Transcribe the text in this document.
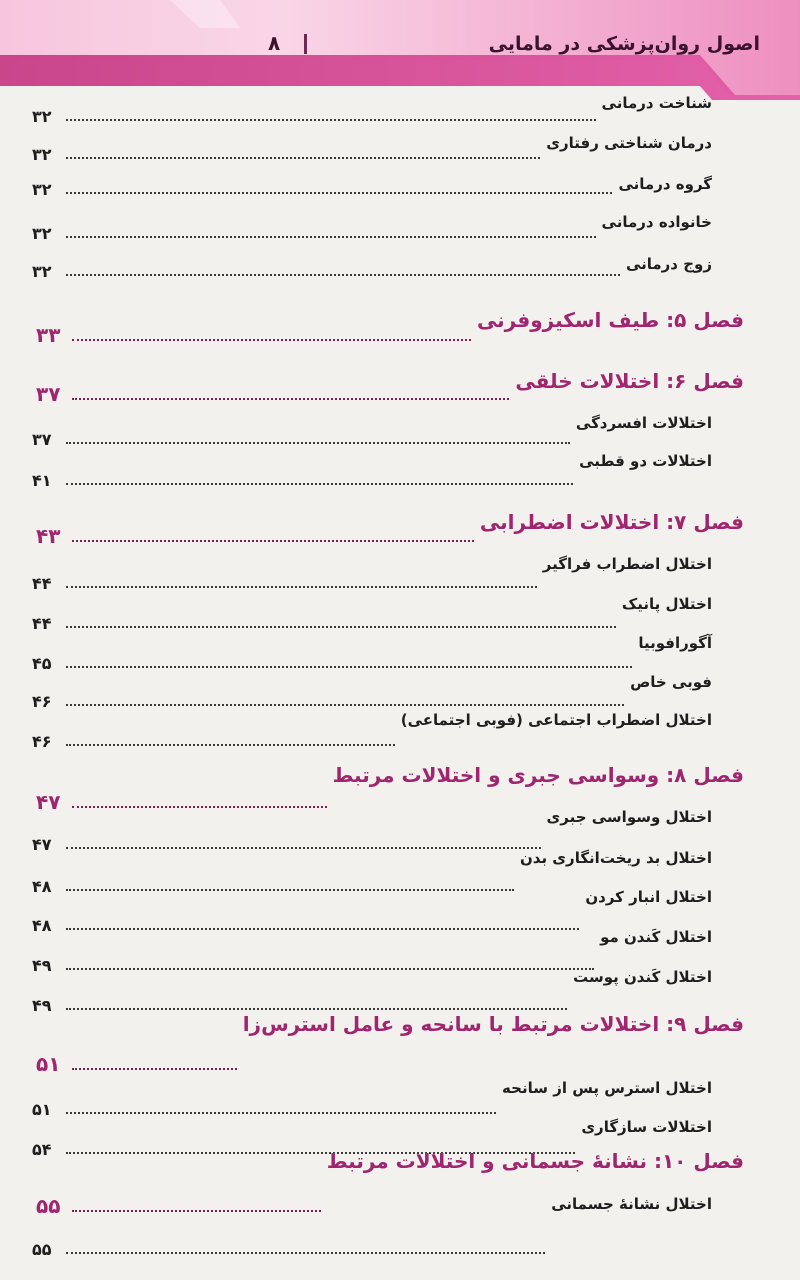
اصول روان‌پزشکی در مامایی
۸
شناخت درمانی
۳۲
درمان شناختی رفتاری
۳۲
گروه درمانی
۳۲
خانواده درمانی
۳۲
زوج درمانی
۳۲
فصل ۵: طیف اسکیزوفرنی
۳۳
فصل ۶: اختلالات خلقی
۳۷
اختلالات افسردگی
۳۷
اختلالات دو قطبی
۴۱
فصل ۷: اختلالات اضطرابی
۴۳
اختلال اضطراب فراگیر
۴۴
اختلال پانیک
۴۴
آگورافوبیا
۴۵
فوبی خاص
۴۶
اختلال اضطراب اجتماعی (فوبی اجتماعی)
۴۶
فصل ۸: وسواسی جبری و اختلالات مرتبط
۴۷
اختلال وسواسی جبری
۴۷
اختلال بد ریخت‌انگاری بدن
۴۸
اختلال انبار کردن
۴۸
اختلال کَندن مو
۴۹
اختلال کَندن پوست
۴۹
فصل ۹: اختلالات مرتبط با سانحه و عامل استرس‌زا
۵۱
اختلال استرس پس از سانحه
۵۱
اختلالات سازگاری
۵۴	فصل ۱۰: نشانهٔ جسمانی و اختلالات مرتبط
۵۵	اختلال نشانهٔ جسمانی
۵۵
